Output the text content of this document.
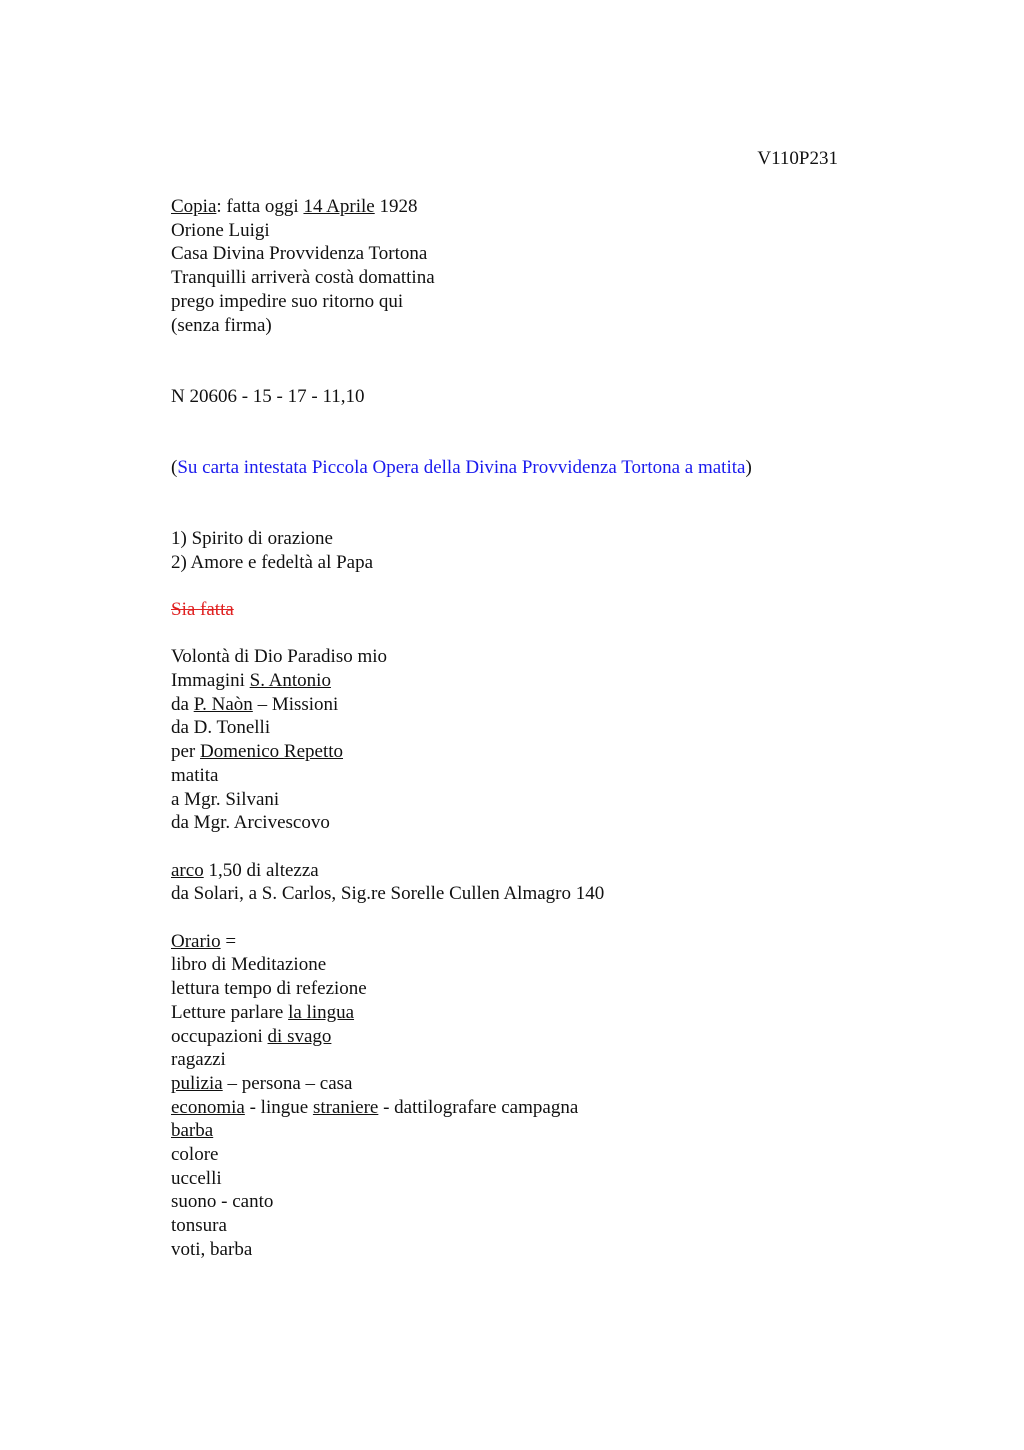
V110P231
Copia: fatta oggi 14 Aprile 1928
Orione Luigi
Casa Divina Provvidenza Tortona
Tranquilli arriverà costà domattina
prego impedire suo ritorno qui
(senza firma)
N 20606 - 15 - 17 - 11,10
(Su carta intestata Piccola Opera della Divina Provvidenza Tortona a matita)
1) Spirito di orazione
2) Amore e fedeltà al Papa
Sia fatta
Volontà di Dio Paradiso mio
Immagini S. Antonio
da P. Naòn – Missioni
da D. Tonelli
per Domenico Repetto
matita
a Mgr. Silvani
da Mgr. Arcivescovo
arco 1,50 di altezza
da Solari, a S. Carlos, Sig.re Sorelle Cullen Almagro 140
Orario =
libro di Meditazione
lettura tempo di refezione
Letture parlare la lingua
occupazioni di svago
ragazzi
pulizia – persona – casa
economia - lingue straniere - dattilografare campagna
barba
colore
uccelli
suono - canto
tonsura
voti, barba
